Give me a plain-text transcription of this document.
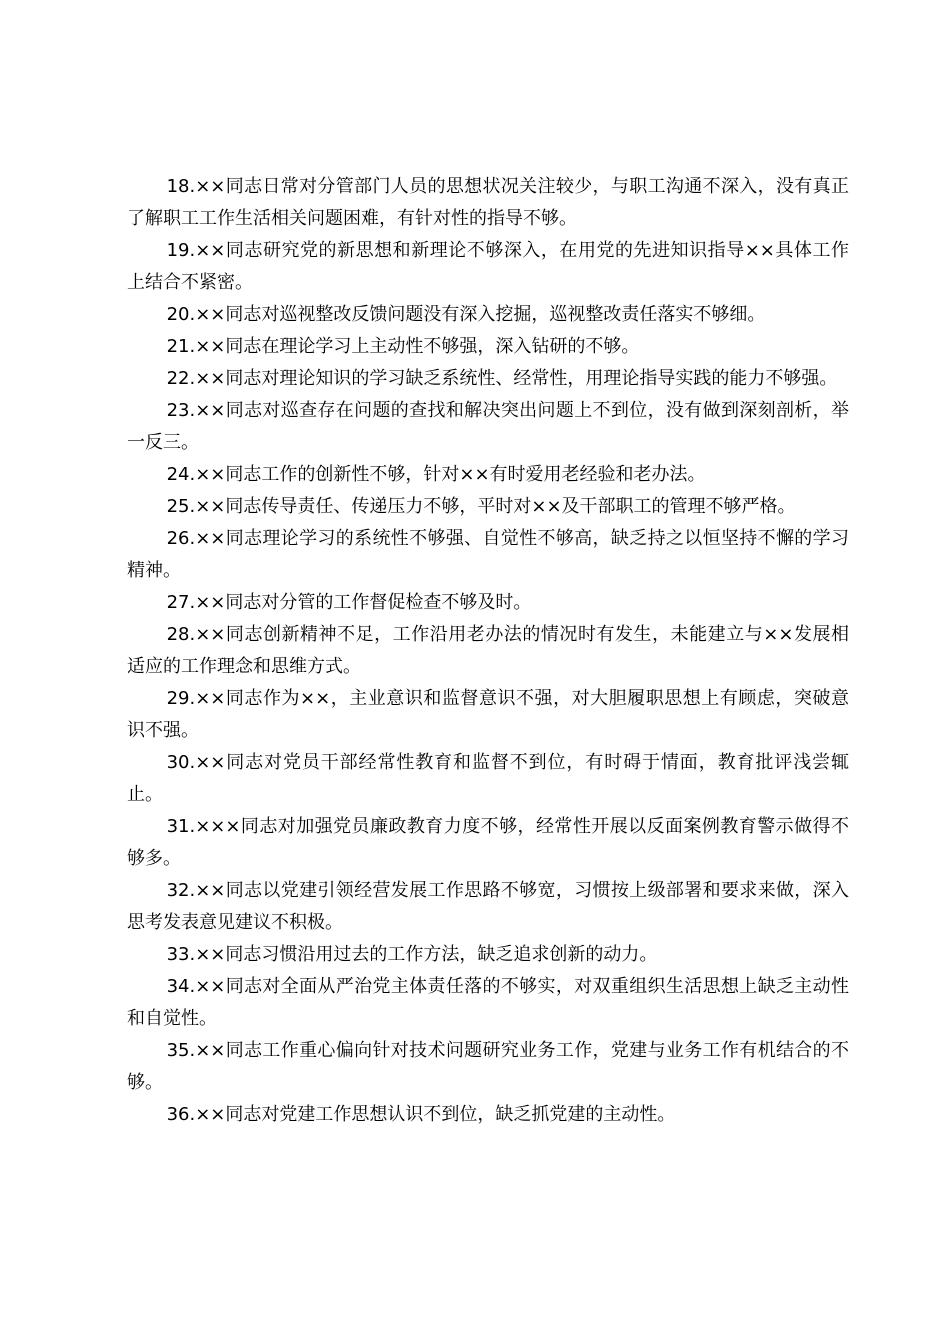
18.××同志日常对分管部门人员的思想状况关注较少，与职工沟通不深入，没有真正了解职工工作生活相关问题困难，有针对性的指导不够。

19.××同志研究党的新思想和新理论不够深入，在用党的先进知识指导××具体工作上结合不紧密。

20.××同志对巡视整改反馈问题没有深入挖掘，巡视整改责任落实不够细。

21.××同志在理论学习上主动性不够强，深入钻研的不够。

22.××同志对理论知识的学习缺乏系统性、经常性，用理论指导实践的能力不够强。

23.××同志对巡查存在问题的查找和解决突出问题上不到位，没有做到深刻剖析，举一反三。

24.××同志工作的创新性不够，针对××有时爱用老经验和老办法。

25.××同志传导责任、传递压力不够，平时对××及干部职工的管理不够严格。

26.××同志理论学习的系统性不够强、自觉性不够高，缺乏持之以恒坚持不懈的学习精神。

27.××同志对分管的工作督促检查不够及时。

28.××同志创新精神不足，工作沿用老办法的情况时有发生，未能建立与××发展相适应的工作理念和思维方式。

29.××同志作为××，主业意识和监督意识不强，对大胆履职思想上有顾虑，突破意识不强。

30.××同志对党员干部经常性教育和监督不到位，有时碍于情面，教育批评浅尝辄止。

31.×××同志对加强党员廉政教育力度不够，经常性开展以反面案例教育警示做得不够多。

32.××同志以党建引领经营发展工作思路不够宽，习惯按上级部署和要求来做，深入思考发表意见建议不积极。

33.××同志习惯沿用过去的工作方法，缺乏追求创新的动力。

34.××同志对全面从严治党主体责任落的不够实，对双重组织生活思想上缺乏主动性和自觉性。

35.××同志工作重心偏向针对技术问题研究业务工作，党建与业务工作有机结合的不够。

36.××同志对党建工作思想认识不到位，缺乏抓党建的主动性。
